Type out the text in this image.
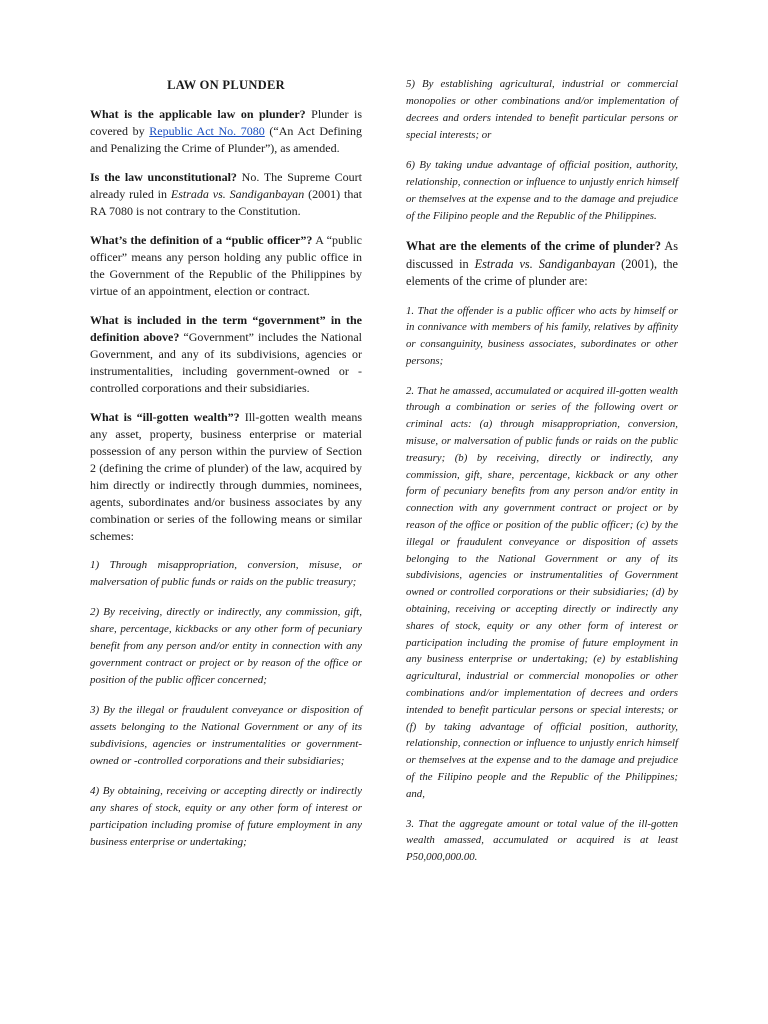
LAW ON PLUNDER

What is the applicable law on plunder? Plunder is covered by Republic Act No. 7080 (“An Act Defining and Penalizing the Crime of Plunder”), as amended.

Is the law unconstitutional? No. The Supreme Court already ruled in Estrada vs. Sandiganbayan (2001) that RA 7080 is not contrary to the Constitution.

What’s the definition of a “public officer”? A “public officer” means any person holding any public office in the Government of the Republic of the Philippines by virtue of an appointment, election or contract.

What is included in the term “government” in the definition above? “Government” includes the National Government, and any of its subdivisions, agencies or instrumentalities, including government-owned or -controlled corporations and their subsidiaries.

What is “ill-gotten wealth”? Ill-gotten wealth means any asset, property, business enterprise or material possession of any person within the purview of Section 2 (defining the crime of plunder) of the law, acquired by him directly or indirectly through dummies, nominees, agents, subordinates and/or business associates by any combination or series of the following means or similar schemes:

1) Through misappropriation, conversion, misuse, or malversation of public funds or raids on the public treasury;

2) By receiving, directly or indirectly, any commission, gift, share, percentage, kickbacks or any other form of pecuniary benefit from any person and/or entity in connection with any government contract or project or by reason of the office or position of the public officer concerned;

3) By the illegal or fraudulent conveyance or disposition of assets belonging to the National Government or any of its subdivisions, agencies or instrumentalities or government-owned or -controlled corporations and their subsidiaries;

4) By obtaining, receiving or accepting directly or indirectly any shares of stock, equity or any other form of interest or participation including promise of future employment in any business enterprise or undertaking;

5) By establishing agricultural, industrial or commercial monopolies or other combinations and/or implementation of decrees and orders intended to benefit particular persons or special interests; or

6) By taking undue advantage of official position, authority, relationship, connection or influence to unjustly enrich himself or themselves at the expense and to the damage and prejudice of the Filipino people and the Republic of the Philippines.

What are the elements of the crime of plunder? As discussed in Estrada vs. Sandiganbayan (2001), the elements of the crime of plunder are:

1. That the offender is a public officer who acts by himself or in connivance with members of his family, relatives by affinity or consanguinity, business associates, subordinates or other persons;

2. That he amassed, accumulated or acquired ill-gotten wealth through a combination or series of the following overt or criminal acts: (a) through misappropriation, conversion, misuse, or malversation of public funds or raids on the public treasury; (b) by receiving, directly or indirectly, any commission, gift, share, percentage, kickback or any other form of pecuniary benefits from any person and/or entity in connection with any government contract or project or by reason of the office or position of the public officer; (c) by the illegal or fraudulent conveyance or disposition of assets belonging to the National Government or any of its subdivisions, agencies or instrumentalities of Government owned or controlled corporations or their subsidiaries; (d) by obtaining, receiving or accepting directly or indirectly any shares of stock, equity or any other form of interest or participation including the promise of future employment in any business enterprise or undertaking; (e) by establishing agricultural, industrial or commercial monopolies or other combinations and/or implementation of decrees and orders intended to benefit particular persons or special interests; or (f) by taking advantage of official position, authority, relationship, connection or influence to unjustly enrich himself or themselves at the expense and to the damage and prejudice of the Filipino people and the Republic of the Philippines; and,

3. That the aggregate amount or total value of the ill-gotten wealth amassed, accumulated or acquired is at least P50,000,000.00.
